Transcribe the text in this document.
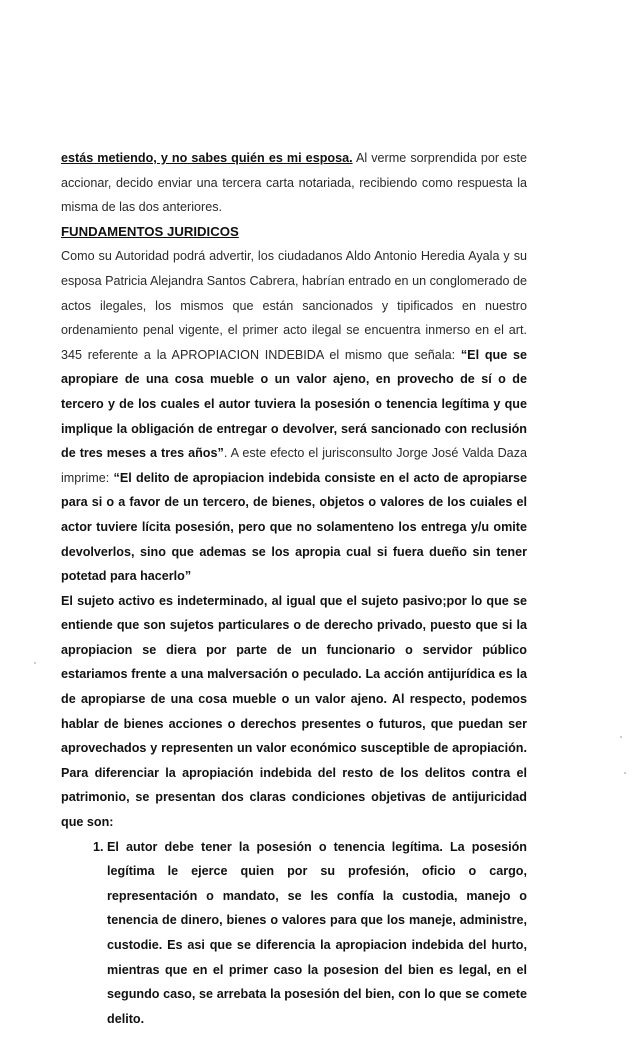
estás metiendo, y no sabes quién es mi esposa. Al verme sorprendida por este accionar, decido enviar una tercera carta notariada, recibiendo como respuesta la misma de las dos anteriores.

FUNDAMENTOS JURIDICOS

Como su Autoridad podrá advertir, los ciudadanos Aldo Antonio Heredia Ayala y su esposa Patricia Alejandra Santos Cabrera, habrían entrado en un conglomerado de actos ilegales, los mismos que están sancionados y tipificados en nuestro ordenamiento penal vigente, el primer acto ilegal se encuentra inmerso en el art. 345 referente a la APROPIACION INDEBIDA el mismo que señala: “El que se apropiare de una cosa mueble o un valor ajeno, en provecho de sí o de tercero y de los cuales el autor tuviera la posesión o tenencia legítima y que implique la obligación de entregar o devolver, será sancionado con reclusión de tres meses a tres años”. A este efecto el jurisconsulto Jorge José Valda Daza imprime: “El delito de apropiacion indebida consiste en el acto de apropiarse para si o a favor de un tercero, de bienes, objetos o valores de los cuiales el actor tuviere lícita posesión, pero que no solamenteno los entrega y/u omite devolverlos, sino que ademas se los apropia cual si fuera dueño sin tener potetad para hacerlo”

El sujeto activo es indeterminado, al igual que el sujeto pasivo;por lo que se entiende que son sujetos particulares o de derecho privado, puesto que si la apropiacion se diera por parte de un funcionario o servidor público estariamos frente a una malversación o peculado. La acción antijurídica es la de apropiarse de una cosa mueble o un valor ajeno. Al respecto, podemos hablar de bienes acciones o derechos presentes o futuros, que puedan ser aprovechados y representen un valor económico susceptible de apropiación. Para diferenciar la apropiación indebida del resto de los delitos contra el patrimonio, se presentan dos claras condiciones objetivas de antijuricidad que son:

1. El autor debe tener la posesión o tenencia legítima. La posesión legítima le ejerce quien por su profesión, oficio o cargo, representación o mandato, se les confía la custodia, manejo o tenencia de dinero, bienes o valores para que los maneje, administre, custodie. Es asi que se diferencia la apropiacion indebida del hurto, mientras que en el primer caso la posesion del bien es legal, en el segundo caso, se arrebata la posesión del bien, con lo que se comete delito.
